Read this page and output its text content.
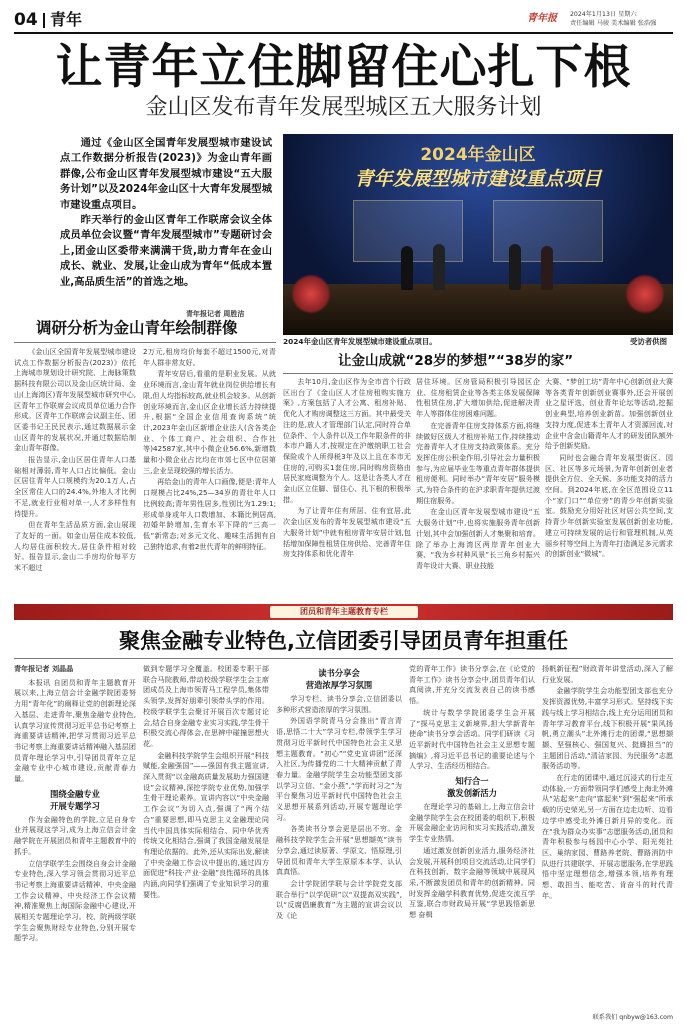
04 青年	青年报 2024年1月13日 星期六
责任编辑 马骏 美术编辑 张浩强
让青年立住脚留住心扎下根
金山区发布青年发展型城区五大服务计划

通过《金山区全国青年发展型城市建设试点工作数据分析报告(2023)》为金山青年画群像,公布金山区青年发展型城市建设“五大服务计划”以及2024年金山区十大青年发展型城市建设重点项目。

昨天举行的金山区青年工作联席会议全体成员单位会议暨“青年发展型城市”专题研讨会上,团金山区委带来满满干货,助力青年在金山成长、就业、发展,让金山成为青年“低成本置业,高品质生活”的首选之地。

青年报记者 周胜洁
2024年金山区
青年发展型城市建设重点项目
2024年金山区青年发展型城市建设重点项目。	受访者供图
调研分析为金山青年绘制群像

《金山区全国青年发展型城市建设试点工作数据分析报告(2023)》依托上海城市规划设计研究院、上海脉策数据科技有限公司以及金山区统计局、金山(上海湾区)青年发展型城市研究中心,区青年工作联席会议成员单位通力合作形成。区青年工作联席会议副主任、团区委书记王民民表示,通过数据展示金山区青年的发展状况,并通过数据给制金山青年群像。

报告显示,金山区居住青年人口基础相对薄弱,青年人口占比偏低。金山区居住青年人口规模约为20.1万人,占全区常住人口的24.4%,外地人才比例不足,就业行业相对单一,人才多样性有待提升。

但在青年生活品质方面,金山展现了友好的一面。如金山居住成本较低,人均居住面积较大,居住条件相对较好。报告显示,金山二手房均价每平方米不超过

2万元,租房均价每套不超过1500元,对青年人群非常友好。

青年安居后,看重的是职业发展。从就业环境而言,金山青年就业岗位供给增长有限,但人均指标较高,就业机会较多。从创新创业环境而言,金山区企业增长活力持续提升,根据“全国企业信用查询系统”统计,2023年金山区新增企业法人(含各类企业、个体工商户、社会组织、合作社等)42587家,其中小微企业56.6%,新增数量和小微企业占比均在市郊七区中位居第三,企业呈现较强的增长活力。

再给金山的青年人口画像,便是:青年人口规模占比24%,25—34岁的青壮年人口比例较高;青年男性居多,性别比为1.29:1;形成单身或年人口数增加、本籍比例居高,初婚年龄增加,生育水平下降的“三高一低”新常态;对多元文化、趣味生活拥有自己独特追求,有着2世代青年的鲜明特征。

让金山成就“28岁的梦想”“38岁的家”

去年10月,金山区作为全市首个行政区出台了《金山区人才住房租购实施方案》,方案包括了人才公寓、租房补贴、优化人才购房调整这三方面。其中最受关注的是,放人才管理部门认定,同时符合单位条件、个人条件以及工作年限条件的非本市户籍人才,按规定在沪缴纳职工社会保险或个人所得税3年及以上且在本市无住房的,可购买1套住房,同时购房资格由居民家庭调整为个人。这是让各类人才在金山区立住脚、留住心、扎下根的积极举措。

为了让青年住有所居、住有宜居,此次金山区发布的青年发展型城市建设“五大服务计划”中就有租房青年安居计划,包括增加保障性租赁住房供给、完善青年住房支持体系和优化青年

居住环境。区房管局积极引导园区企业、住房租赁企业等各类主体发展保障性租赁住房,扩大增加供给,促进解决青年人等群体住房困难问题。

在完善青年住房支持体系方面,将继续做好区级人才租房补贴工作,持续推动完善青年人才住房支持政策体系。充分发挥住房公积金作用,引导社会力量积极参与,为应届毕业生等重点青年群体提供租房便利。同时举办“青年安居”服务模式,为符合条件的在沪求职青年提供过渡期住宿服务。

在金山区青年发展型城市建设“五大服务计划”中,也将实施服务青年创新计划,其中会加强创新人才集聚和培育。除了举办上海湾区两岸青年创业大赛、“我为乡村种风景”长三角乡村振兴青年设计大赛、职业技能

大赛、“梦创工坊”青年中心创新创业大赛等各类青年创新创业赛事外,还会开展创业之星评选、创业青年论坛等活动,挖掘创业典型,培养创业新苗。加强创新创业支持力度,促进本土青年人才资源回流,对企业中含金山籍青年人才的研发团队额外给予创新奖励。

同时也会融合青年发展型街区、园区、社区等多元场景,为青年创新创业者提供全方位、全天候、多功能支持的活力空间。到2024年底,在全区范围设立11个“家门口”“单位旁”的青少年创新实验室。鼓励充分用好社区对居公共空间,支持青少年创新实验室发展创新创业功能,建立可持续发展的运行和管理机制,从英丽乡村等空间上为青年打造满足多元需求的创新创业“微城”。

团员和青年主题教育专栏
聚焦金融专业特色,立信团委引导团员青年担重任

青年报记者 刘晶晶

本报讯 自团员和青年主题教育开展以来,上海立信会计金融学院团委努力用“青年化”的阐释让党的创新理论深入基层、走进青年,聚焦金融专业特色,认真学习宣传贯彻习近平总书记考察上海重要讲话精神,把学习贯彻习近平总书记考察上海重要讲话精神融入基层团员青年理论学习中,引导团员青年立足金融专业中心城市建设,贡献青春力量。

围绕金融专业
开展专题学习

作为金融特色的学院,立足自身专业并展现这学习,成为上海立信会计金融学院在开展团员和青年主题教育中的抓手。

立信学联学生会围绕自身会计金融专业特色,深入学习领会贯彻习近平总书记考察上海重要讲话精神、中央金融工作会议精神、中央经济工作会议精神,精准聚焦上海国际金融中心建设,开展相关专题理论学习。校、院两级学联学生会聚焦财经专业特色,分别开展专题学习。

做到专题学习全覆盖。校团委专职干部联合马院教师,带动校级学联学生会主席团成员及上海市领青马工程学员,集体带头领学,发挥好朋辈引领带头学的作用。校级学联学生会聚讨开展百次专题讨论会,结合自身金融专业实习实践,学生骨干积极交流心得体会,在思辨中碰撞思想火花。

金融科技学院学生会组织开展“科技赋能,金融强国”——强国有我主题宣讲,深入贯彻“以金融高质量发展助力强国建设”会议精神,深挖学院专业优势,加强学生骨干理论素养。宣讲内容以“中央金融工作会议”为切入点,强调了“两个结合”重要思想,即马克思主义金融理论同当代中国具体实际相结合、同中华优秀传统文化相结合,强调了我国金融发展是有理论依据的。此外,还从实际出发,解读了中央金融工作会议中提出的,通过四方面促进“科技·产业·金融”良性循环的具体内涵,向同学们强调了专业知识学习的重要性。

读书分享会
营造浓厚学习氛围

学习专栏、读书分享会,立信团委以多种形式营造浓厚的学习氛围。

外国语学院青马分会推出“青言青语,思悟二十大”学习专栏,带领学生学习贯彻习近平新时代中国特色社会主义思想主题教育。“初心”“党史宣讲团”还深入社区,为传播党的二十大精神贡献了青春力量。金融学院学生会功能型团支部以学习立信、“金小燕”,“学而时习之”为平台聚焦习近平新时代中国特色社会主义思想开展系列活动,开展专题理论学习。

各类读书分享会更是层出不穷。金融科技学院学生会开展“思想撷英”读书分享会,通过读原著、学原文、悟原理,引导团员和青年大学生原原本本学、认认真真悟。

会计学院团学联与会计学院党支部联合举行“以学促研”以“双提高双实践”,以“反腐倡廉教育”为主题的宣讲会议以及《论

党的青年工作》读书分享会,在《论党的青年工作》读书分享会中,团员青年们认真阅读,并充分交流发表自己的读书感悟。

统计与数学学院团委学生会开展了“探马克思主义新境界,担大学新青年使命”读书分享会活动。同学们研读《习近平新时代中国特色社会主义思想专题摘编》,将习近平总书记的重要论述与个人学习、生活经历相结合。

知行合一
激发创新活力

在理论学习的基础上,上海立信会计金融学院学生会在校团委的组织下,积极开展金融企业访问和实习实践活动,激发学生专业热情。

通过激发创新创业活力,服务经济社会发展,开展科创项目交流活动,让同学们在科技创新、数字金融等领域中展现风采,不断激发团员和青年的创新精神。同时发挥金融学科教育优势,促进交流互学互鉴,联合市财政局开展“学思践悟新思想 奋楫

扬帆新征程”财政青年讲堂活动,深入了解行业发展。

金融学院学生会功能型团支部也充分发挥资源优势,丰富学习形式。坚持线下实践与线上学习相结合,线上充分运用团员和青年学习教育平台,线下积极开展“果风扬帆,勇立潮头”北外滩行走的团课,“思想撷撷、坚强核心、强国复兴、挺膺担当”的主题团日活动,“清洁家园、为民服务”志愿服务活动等。

在行走的团课中,通过沉浸式的行走互动体验,一方面带领同学们感受上海北外滩从“站起来”走向“富起来”到“强起来”所承载的历史荣光,另一方面在边走边听、边看边学中感受北外滩日新月异的变化。而在“我为群众办实事”志愿服务活动,团员和青年积极参与杨园中心小学、阳光苑社区、巢纳家园、曹路养老院、曹路消防中队进行共建联学、开展志愿服务,在学思践悟中坚定理想信念,增强本领,培养有理想、敢担当、能吃苦、肯奋斗的时代青年。

联系我们 qnbyw@163.com
